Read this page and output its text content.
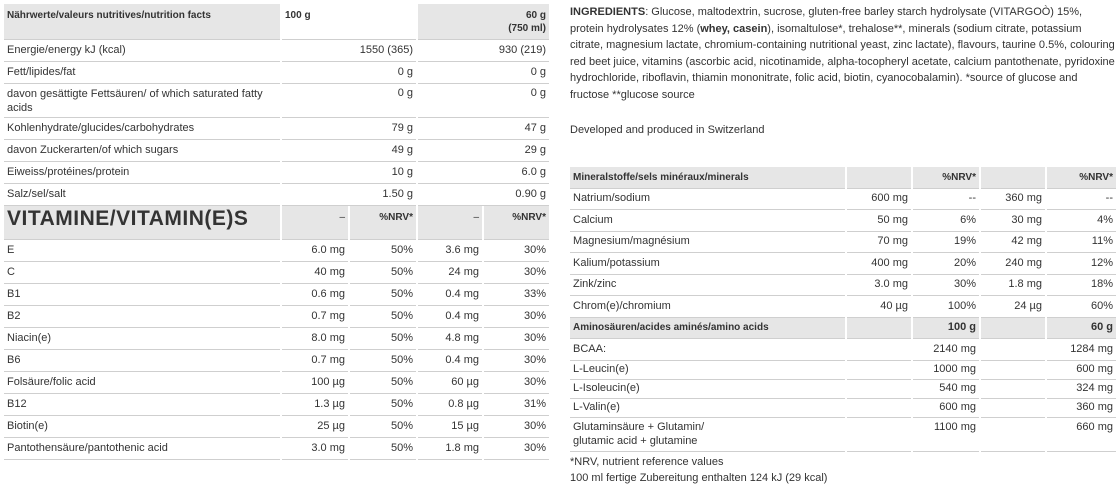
Nährwerte/valeurs nutritives/nutrition facts	100 g	60 g
(750 ml)

Energie/energy kJ (kcal)	1550 (365)	930 (219)
Fett/lipides/fat	0 g	0 g
davon gesättigte Fettsäuren/ of which saturated fatty acids	0 g	0 g
Kohlenhydrate/glucides/carbohydrates	79 g	47 g
davon Zuckerarten/of which sugars	49 g	29 g
Eiweiss/protéines/protein	10 g	6.0 g
Salz/sel/salt	1.50 g	0.90 g
VITAMINE/VITAMIN(E)S	–	%NRV*	–	%NRV*
E	6.0 mg	50%	3.6 mg	30%
C	40 mg	50%	24 mg	30%
B1	0.6 mg	50%	0.4 mg	33%
B2	0.7 mg	50%	0.4 mg	30%
Niacin(e)	8.0 mg	50%	4.8 mg	30%
B6	0.7 mg	50%	0.4 mg	30%
Folsäure/folic acid	100 µg	50%	60 µg	30%
B12	1.3 µg	50%	0.8 µg	31%
Biotin(e)	25 µg	50%	15 µg	30%
Pantothensäure/pantothenic acid	3.0 mg	50%	1.8 mg	30%
INGREDIENTS: Glucose, maltodextrin, sucrose, gluten-free barley starch hydrolysate (VITARGOÒ) 15%, protein hydrolysates 12% (whey, casein), isomaltulose*, trehalose**, minerals (sodium citrate, potassium citrate, magnesium lactate, chromium-containing nutritional yeast, zinc lactate), flavours, taurine 0.5%, colouring red beet juice, vitamins (ascorbic acid, nicotinamide, alpha-tocopheryl acetate, calcium pantothenate, pyridoxine hydrochloride, riboflavin, thiamin mononitrate, folic acid, biotin, cyanocobalamin). *source of glucose and fructose **glucose source
Developed and produced in Switzerland
Mineralstoffe/sels minéraux/minerals		%NRV*		%NRV*
Natrium/sodium	600 mg	--	360 mg	--
Calcium	50 mg	6%	30 mg	4%
Magnesium/magnésium	70 mg	19%	42 mg	11%
Kalium/potassium	400 mg	20%	240 mg	12%
Zink/zinc	3.0 mg	30%	1.8 mg	18%
Chrom(e)/chromium	40 µg	100%	24 µg	60%
Aminosäuren/acides aminés/amino acids		100 g		60 g
BCAA:		2140 mg		1284 mg
L-Leucin(e)		1000 mg		600 mg
L-Isoleucin(e)		540 mg		324 mg
L-Valin(e)		600 mg		360 mg

Glutaminsäure + Glutamin/
glutamic acid + glutamine		1100 mg		660 mg
*NRV, nutrient reference values
100 ml fertige Zubereitung enthalten 124 kJ (29 kcal)
